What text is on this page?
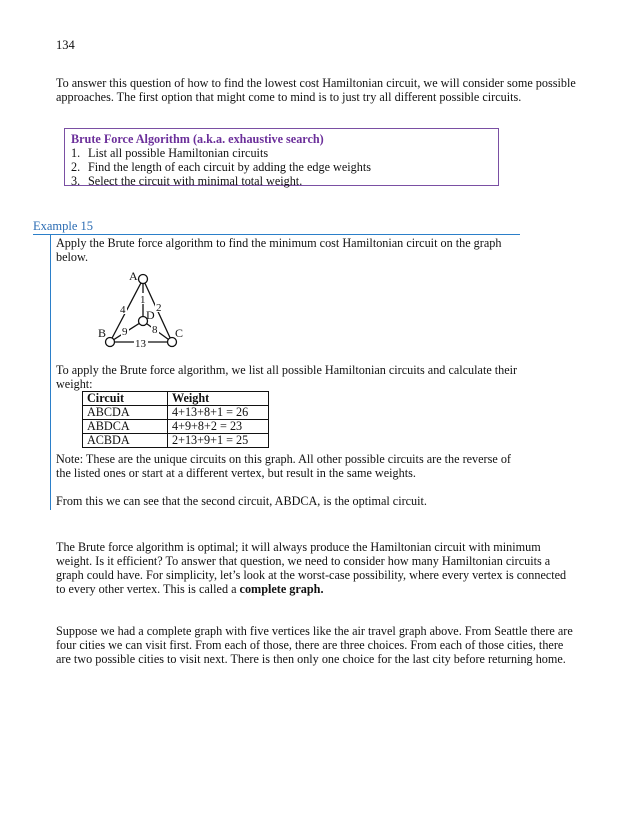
134

To answer this question of how to find the lowest cost Hamiltonian circuit, we will consider some possible approaches. The first option that might come to mind is to just try all different possible circuits.

Brute Force Algorithm (a.k.a. exhaustive search)
1. List all possible Hamiltonian circuits
2. Find the length of each circuit by adding the edge weights
3. Select the circuit with minimal total weight.
Example 15
Apply the Brute force algorithm to find the minimum cost Hamiltonian circuit on the graph below.
4	2
1
9 8
13
A
B	C
D
To apply the Brute force algorithm, we list all possible Hamiltonian circuits and calculate their weight:
Circuit	Weight
ABCDA	4+13+8+1 = 26
ABDCA	4+9+8+2 = 23
ACBDA	2+13+9+1 = 25
Note: These are the unique circuits on this graph. All other possible circuits are the reverse of the listed ones or start at a different vertex, but result in the same weights.
From this we can see that the second circuit, ABDCA, is the optimal circuit.
The Brute force algorithm is optimal; it will always produce the Hamiltonian circuit with minimum weight. Is it efficient? To answer that question, we need to consider how many Hamiltonian circuits a graph could have. For simplicity, let’s look at the worst-case possibility, where every vertex is connected to every other vertex. This is called a complete graph.
Suppose we had a complete graph with five vertices like the air travel graph above. From Seattle there are four cities we can visit first. From each of those, there are three choices. From each of those cities, there are two possible cities to visit next. There is then only one choice for the last city before returning home.
